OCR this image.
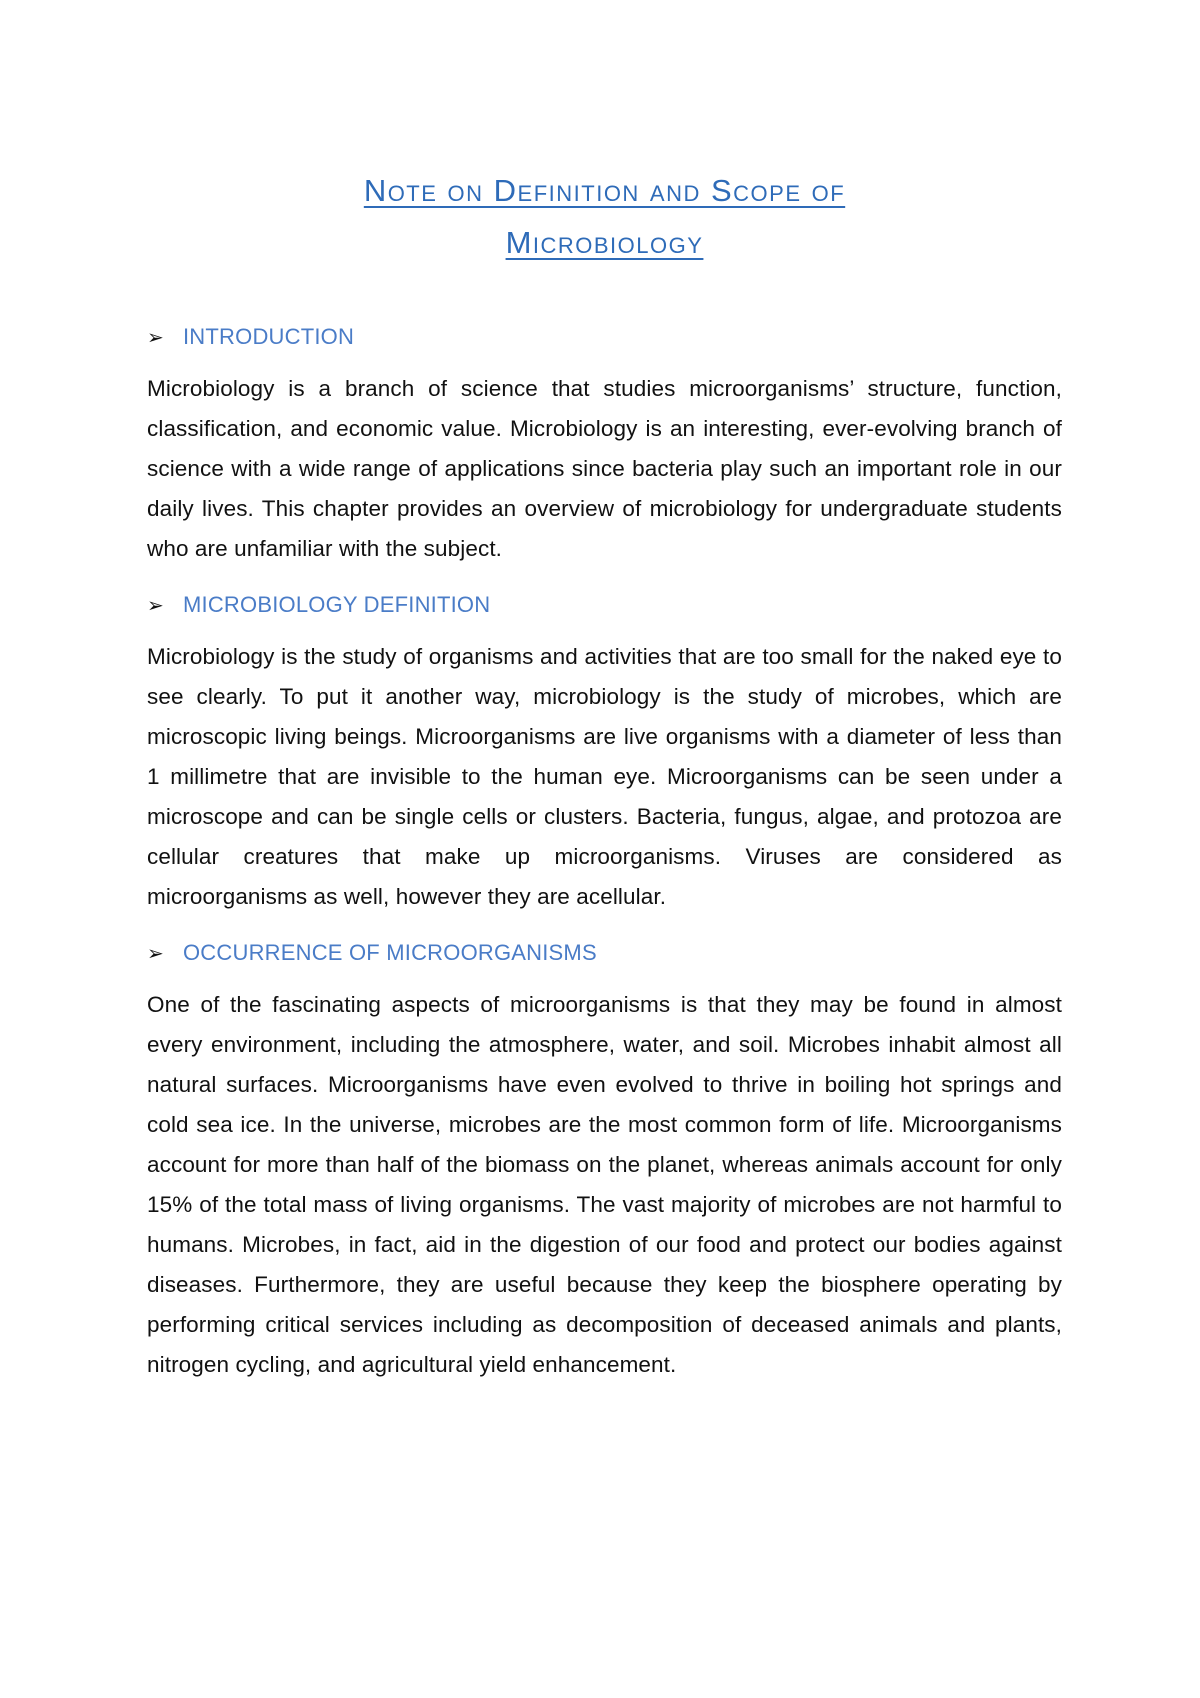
Note on Definition and Scope of
Microbiology
➢ INTRODUCTION

Microbiology is a branch of science that studies microorganisms’ structure, function, classification, and economic value. Microbiology is an interesting, ever-evolving branch of science with a wide range of applications since bacteria play such an important role in our daily lives. This chapter provides an overview of microbiology for undergraduate students who are unfamiliar with the subject.

➢ MICROBIOLOGY DEFINITION

Microbiology is the study of organisms and activities that are too small for the naked eye to see clearly. To put it another way, microbiology is the study of microbes, which are microscopic living beings. Microorganisms are live organisms with a diameter of less than 1 millimetre that are invisible to the human eye. Microorganisms can be seen under a microscope and can be single cells or clusters. Bacteria, fungus, algae, and protozoa are cellular creatures that make up microorganisms. Viruses are considered as microorganisms as well, however they are acellular.

➢ OCCURRENCE OF MICROORGANISMS

One of the fascinating aspects of microorganisms is that they may be found in almost every environment, including the atmosphere, water, and soil. Microbes inhabit almost all natural surfaces. Microorganisms have even evolved to thrive in boiling hot springs and cold sea ice. In the universe, microbes are the most common form of life. Microorganisms account for more than half of the biomass on the planet, whereas animals account for only 15% of the total mass of living organisms. The vast majority of microbes are not harmful to humans. Microbes, in fact, aid in the digestion of our food and protect our bodies against diseases. Furthermore, they are useful because they keep the biosphere operating by performing critical services including as decomposition of deceased animals and plants, nitrogen cycling, and agricultural yield enhancement.
